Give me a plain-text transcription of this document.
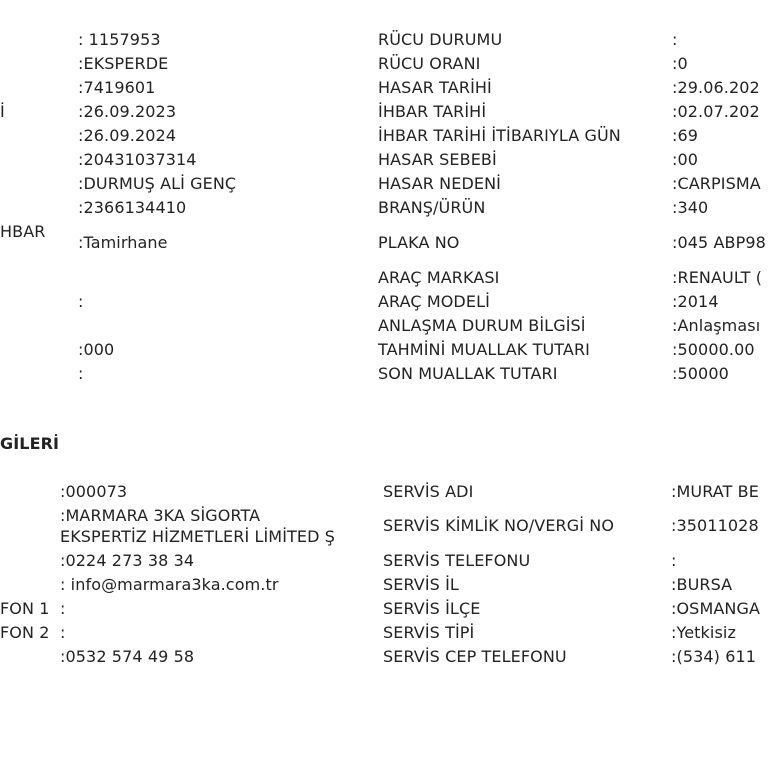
İ
HBAR
: 1157953
:EKSPERDE
:7419601
:26.09.2023
:26.09.2024
:20431037314
:DURMUŞ ALİ GENÇ
:2366134410
:Tamirhane
:
:000
:
RÜCU DURUMU
RÜCU ORANI
HASAR TARİHİ
İHBAR TARİHİ
İHBAR TARİHİ İTİBARIYLA GÜN
HASAR SEBEBİ
HASAR NEDENİ
BRANŞ/ÜRÜN
PLAKA NO
ARAÇ MARKASI
ARAÇ MODELİ
ANLAŞMA DURUM BİLGİSİ
TAHMİNİ MUALLAK TUTARI
SON MUALLAK TUTARI
:
:0
:29.06.202
:02.07.202
:69
:00
:CARPISMA
:340
:045 ABP98
:RENAULT (
:2014
:Anlaşması
:50000.00
:50000
GİLERİ
FON 1
FON 2
:000073
:MARMARA 3KA SİGORTA
EKSPERTİZ HİZMETLERİ LİMİTED Ş
:0224 273 38 34
: info@marmara3ka.com.tr
:
:
:0532 574 49 58
SERVİS ADI
SERVİS KİMLİK NO/VERGİ NO
SERVİS TELEFONU
SERVİS İL
SERVİS İLÇE
SERVİS TİPİ
SERVİS CEP TELEFONU
:MURAT BE
:35011028
:
:BURSA
:OSMANGA
:Yetkisiz
:(534) 611
